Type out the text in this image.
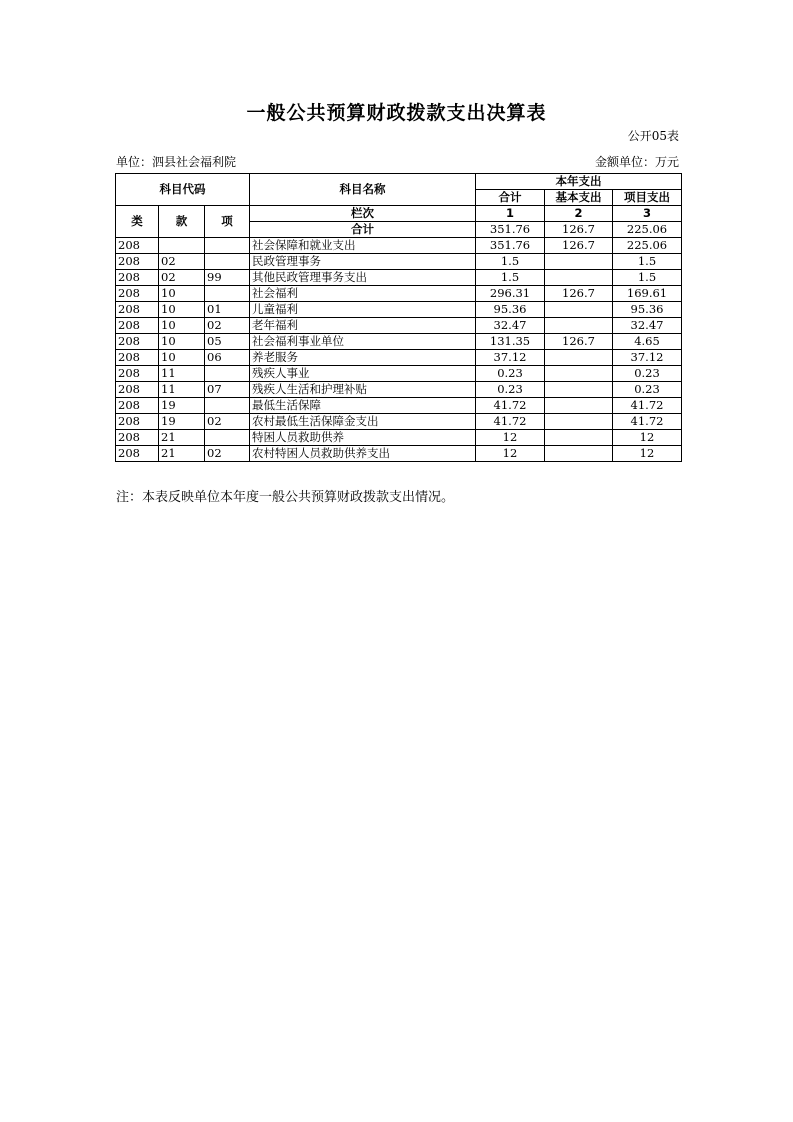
一般公共预算财政拨款支出决算表
公开05表
单位：泗县社会福利院	金额单位：万元
科目代码			科目名称	本年支出		
				合计	基本支出	项目支出
类	款	项	栏次	1	2	3
			合计	351.76	126.7	225.06
208			社会保障和就业支出	351.76	126.7	225.06
208	02		民政管理事务	1.5		1.5
208	02	99	其他民政管理事务支出	1.5		1.5
208	10		社会福利	296.31	126.7	169.61
208	10	01	儿童福利	95.36		95.36
208	10	02	老年福利	32.47		32.47
208	10	05	社会福利事业单位	131.35	126.7	4.65
208	10	06	养老服务	37.12		37.12
208	11		残疾人事业	0.23		0.23
208	11	07	残疾人生活和护理补贴	0.23		0.23
208	19		最低生活保障	41.72		41.72
208	19	02	农村最低生活保障金支出	41.72		41.72
208	21		特困人员救助供养	12		12
208	21	02	农村特困人员救助供养支出	12		12
注：本表反映单位本年度一般公共预算财政拨款支出情况。
